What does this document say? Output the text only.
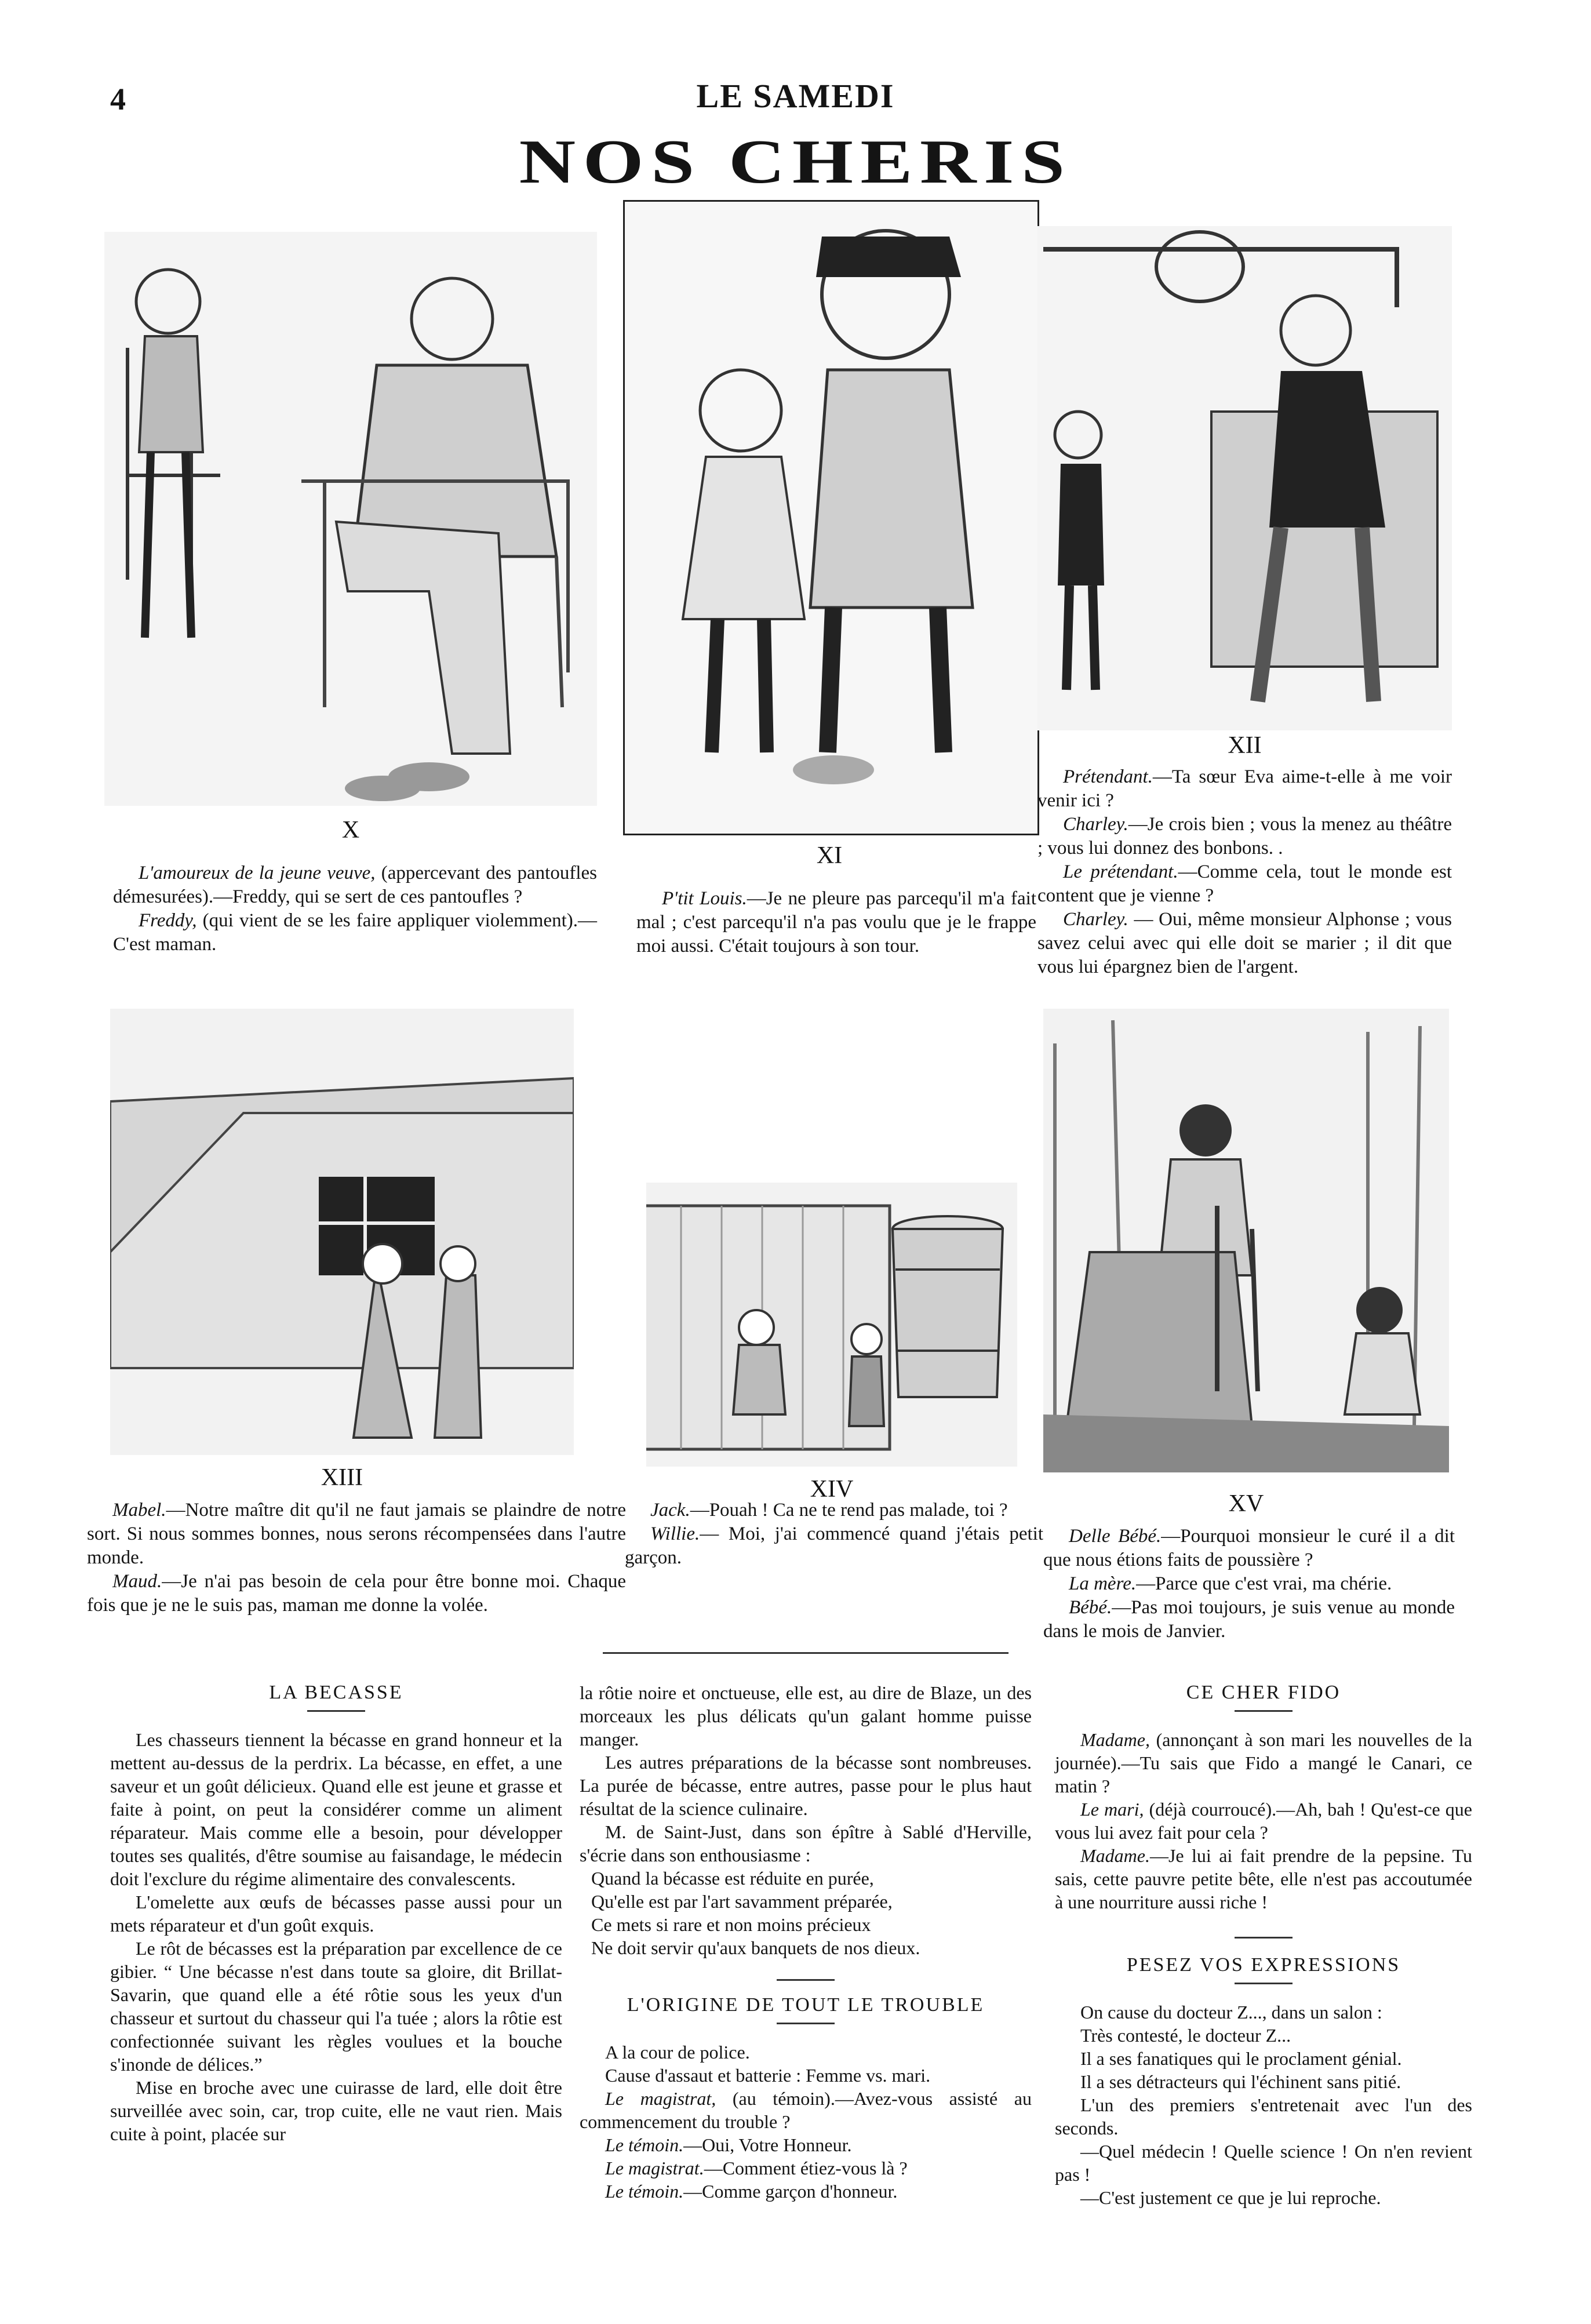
4	LE SAMEDI
NOS CHERIS
X

L'amoureux de la jeune veuve, (appercevant des pantoufles démesurées).—Freddy, qui se sert de ces pantoufles ?

Freddy, (qui vient de se les faire appliquer violemment).—C'est maman.

XI

P'tit Louis.—Je ne pleure pas parcequ'il m'a fait mal ; c'est parcequ'il n'a pas voulu que je le frappe moi aussi. C'était toujours à son tour.

XII

Prétendant.—Ta sœur Eva aime-t-elle à me voir venir ici ?

Charley.—Je crois bien ; vous la menez au théâtre ; vous lui donnez des bonbons. .

Le prétendant.—Comme cela, tout le monde est content que je vienne ?

Charley. — Oui, même monsieur Alphonse ; vous savez celui avec qui elle doit se marier ; il dit que vous lui épargnez bien de l'argent.

XIII

Mabel.—Notre maître dit qu'il ne faut jamais se plaindre de notre sort. Si nous sommes bonnes, nous serons récompensées dans l'autre monde.

Maud.—Je n'ai pas besoin de cela pour être bonne moi. Chaque fois que je ne le suis pas, maman me donne la volée.

XIV

Jack.—Pouah ! Ca ne te rend pas malade, toi ?

Willie.— Moi, j'ai commencé quand j'étais petit garçon.

XV

Delle Bébé.—Pourquoi monsieur le curé il a dit que nous étions faits de poussière ?

La mère.—Parce que c'est vrai, ma chérie.

Bébé.—Pas moi toujours, je suis venue au monde dans le mois de Janvier.

LA BECASSE

Les chasseurs tiennent la bécasse en grand honneur et la mettent au-dessus de la perdrix. La bécasse, en effet, a une saveur et un goût délicieux. Quand elle est jeune et grasse et faite à point, on peut la considérer comme un aliment réparateur. Mais comme elle a besoin, pour développer toutes ses qualités, d'être soumise au faisandage, le médecin doit l'exclure du régime alimentaire des convalescents.

L'omelette aux œufs de bécasses passe aussi pour un mets réparateur et d'un goût exquis.

Le rôt de bécasses est la préparation par excellence de ce gibier. “ Une bécasse n'est dans toute sa gloire, dit Brillat-Savarin, que quand elle a été rôtie sous les yeux d'un chasseur et surtout du chasseur qui l'a tuée ; alors la rôtie est confectionnée suivant les règles voulues et la bouche s'inonde de délices.”

Mise en broche avec une cuirasse de lard, elle doit être surveillée avec soin, car, trop cuite, elle ne vaut rien. Mais cuite à point, placée sur

la rôtie noire et onctueuse, elle est, au dire de Blaze, un des morceaux les plus délicats qu'un galant homme puisse manger.

Les autres préparations de la bécasse sont nombreuses. La purée de bécasse, entre autres, passe pour le plus haut résultat de la science culinaire.

M. de Saint-Just, dans son épître à Sablé d'Herville, s'écrie dans son enthousiasme :

Quand la bécasse est réduite en purée,

Qu'elle est par l'art savamment préparée,

Ce mets si rare et non moins précieux

Ne doit servir qu'aux banquets de nos dieux.

L'ORIGINE DE TOUT LE TROUBLE

A la cour de police.

Cause d'assaut et batterie : Femme vs. mari.

Le magistrat, (au témoin).—Avez-vous assisté au commencement du trouble ?

Le témoin.—Oui, Votre Honneur.

Le magistrat.—Comment étiez-vous là ?

Le témoin.—Comme garçon d'honneur.

CE CHER FIDO

Madame, (annonçant à son mari les nouvelles de la journée).—Tu sais que Fido a mangé le Canari, ce matin ?

Le mari, (déjà courroucé).—Ah, bah ! Qu'est-ce que vous lui avez fait pour cela ?

Madame.—Je lui ai fait prendre de la pepsine. Tu sais, cette pauvre petite bête, elle n'est pas accoutumée à une nourriture aussi riche !

PESEZ VOS EXPRESSIONS

On cause du docteur Z..., dans un salon :

Très contesté, le docteur Z...

Il a ses fanatiques qui le proclament génial.

Il a ses détracteurs qui l'échinent sans pitié.

L'un des premiers s'entretenait avec l'un des seconds.

—Quel médecin ! Quelle science ! On n'en revient pas !

—C'est justement ce que je lui reproche.
